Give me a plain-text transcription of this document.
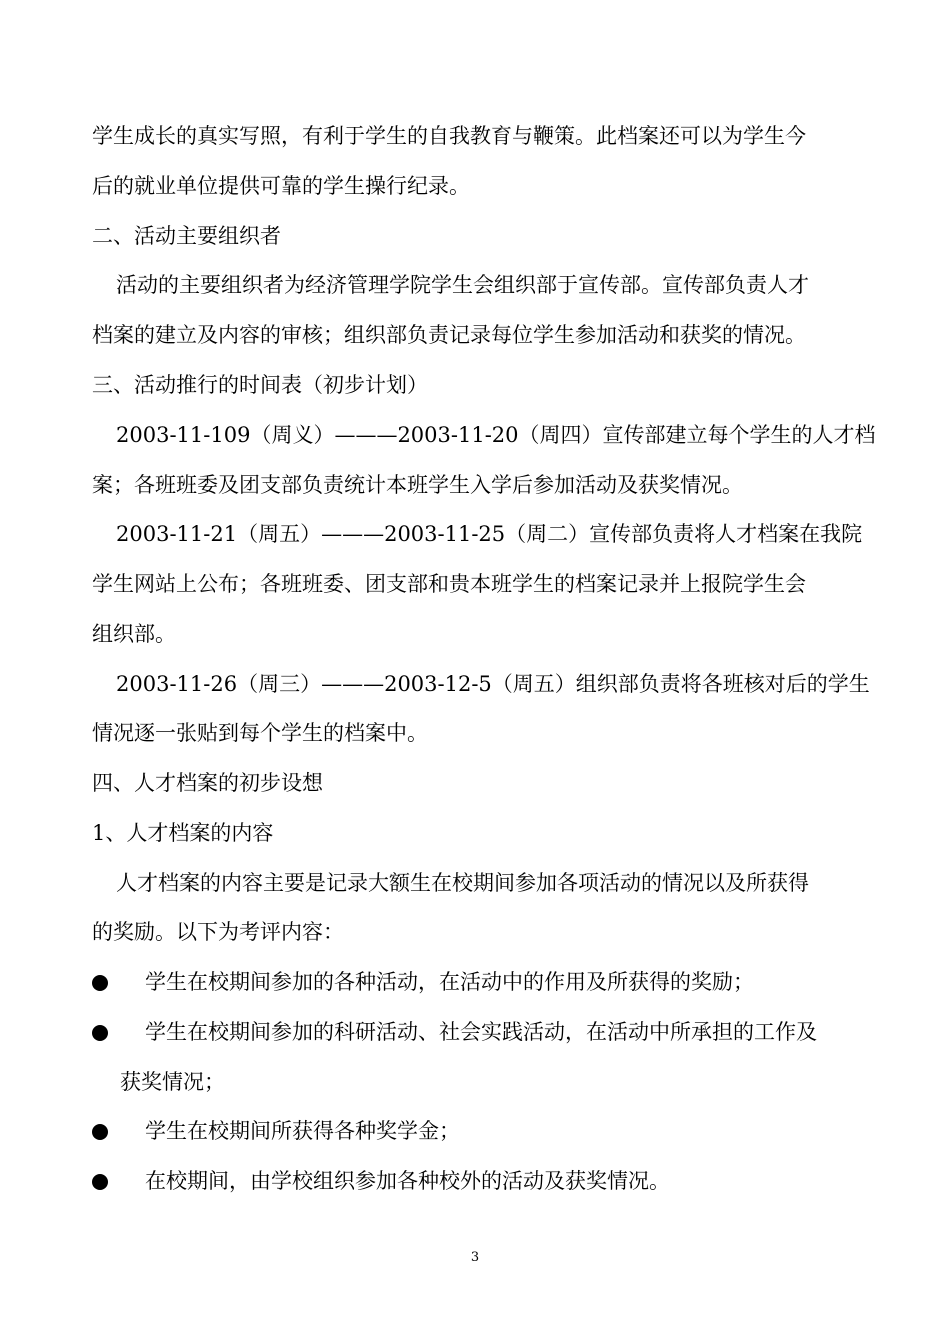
学生成长的真实写照，有利于学生的自我教育与鞭策。此档案还可以为学生今
后的就业单位提供可靠的学生操行纪录。
二、活动主要组织者
活动的主要组织者为经济管理学院学生会组织部于宣传部。宣传部负责人才
档案的建立及内容的审核；组织部负责记录每位学生参加活动和获奖的情况。
三、活动推行的时间表（初步计划）
2003-11-109（周义）———2003-11-20（周四）宣传部建立每个学生的人才档
案；各班班委及团支部负责统计本班学生入学后参加活动及获奖情况。
2003-11-21（周五）———2003-11-25（周二）宣传部负责将人才档案在我院
学生网站上公布；各班班委、团支部和贵本班学生的档案记录并上报院学生会
组织部。
2003-11-26（周三）———2003-12-5（周五）组织部负责将各班核对后的学生
情况逐一张贴到每个学生的档案中。
四、人才档案的初步设想
1、人才档案的内容
人才档案的内容主要是记录大额生在校期间参加各项活动的情况以及所获得
的奖励。以下为考评内容：
学生在校期间参加的各种活动，在活动中的作用及所获得的奖励；
学生在校期间参加的科研活动、社会实践活动，在活动中所承担的工作及
获奖情况；
学生在校期间所获得各种奖学金；
在校期间，由学校组织参加各种校外的活动及获奖情况。
3
